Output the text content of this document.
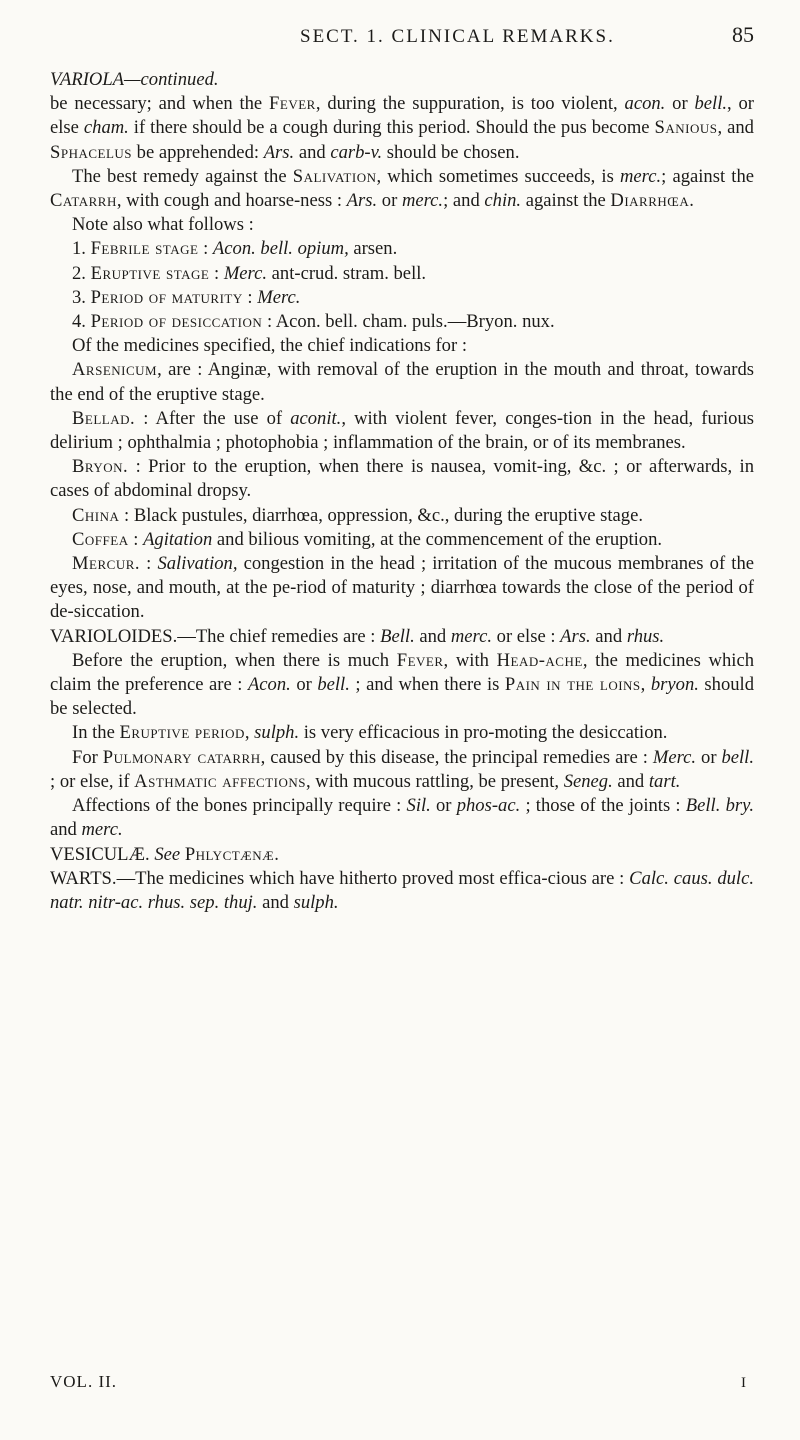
SECT. 1. CLINICAL REMARKS.	85

VARIOLA—continued.

be necessary; and when the Fever, during the suppuration, is too violent, acon. or bell., or else cham. if there should be a cough during this period. Should the pus become Sanious, and Sphacelus be apprehended: Ars. and carb-v. should be chosen.

The best remedy against the Salivation, which sometimes succeeds, is merc.; against the Catarrh, with cough and hoarse-ness : Ars. or merc.; and chin. against the Diarrhœa.

Note also what follows :

1. Febrile stage : Acon. bell. opium, arsen.

2. Eruptive stage : Merc. ant-crud. stram. bell.

3. Period of maturity : Merc.

4. Period of desiccation : Acon. bell. cham. puls.—Bryon. nux.

Of the medicines specified, the chief indications for :

Arsenicum, are : Anginæ, with removal of the eruption in the mouth and throat, towards the end of the eruptive stage.

Bellad. : After the use of aconit., with violent fever, conges-tion in the head, furious delirium ; ophthalmia ; photophobia ; inflammation of the brain, or of its membranes.

Bryon. : Prior to the eruption, when there is nausea, vomit-ing, &c. ; or afterwards, in cases of abdominal dropsy.

China : Black pustules, diarrhœa, oppression, &c., during the eruptive stage.

Coffea : Agitation and bilious vomiting, at the commencement of the eruption.

Mercur. : Salivation, congestion in the head ; irritation of the mucous membranes of the eyes, nose, and mouth, at the pe-riod of maturity ; diarrhœa towards the close of the period of de-siccation.

VARIOLOIDES.—The chief remedies are : Bell. and merc. or else : Ars. and rhus.

Before the eruption, when there is much Fever, with Head-ache, the medicines which claim the preference are : Acon. or bell. ; and when there is Pain in the loins, bryon. should be selected.

In the Eruptive period, sulph. is very efficacious in pro-moting the desiccation.

For Pulmonary catarrh, caused by this disease, the principal remedies are : Merc. or bell. ; or else, if Asthmatic affections, with mucous rattling, be present, Seneg. and tart.

Affections of the bones principally require : Sil. or phos-ac. ; those of the joints : Bell. bry. and merc.

VESICULÆ. See Phlyctænæ.

WARTS.—The medicines which have hitherto proved most effica-cious are : Calc. caus. dulc. natr. nitr-ac. rhus. sep. thuj. and sulph.

VOL. II.	I
